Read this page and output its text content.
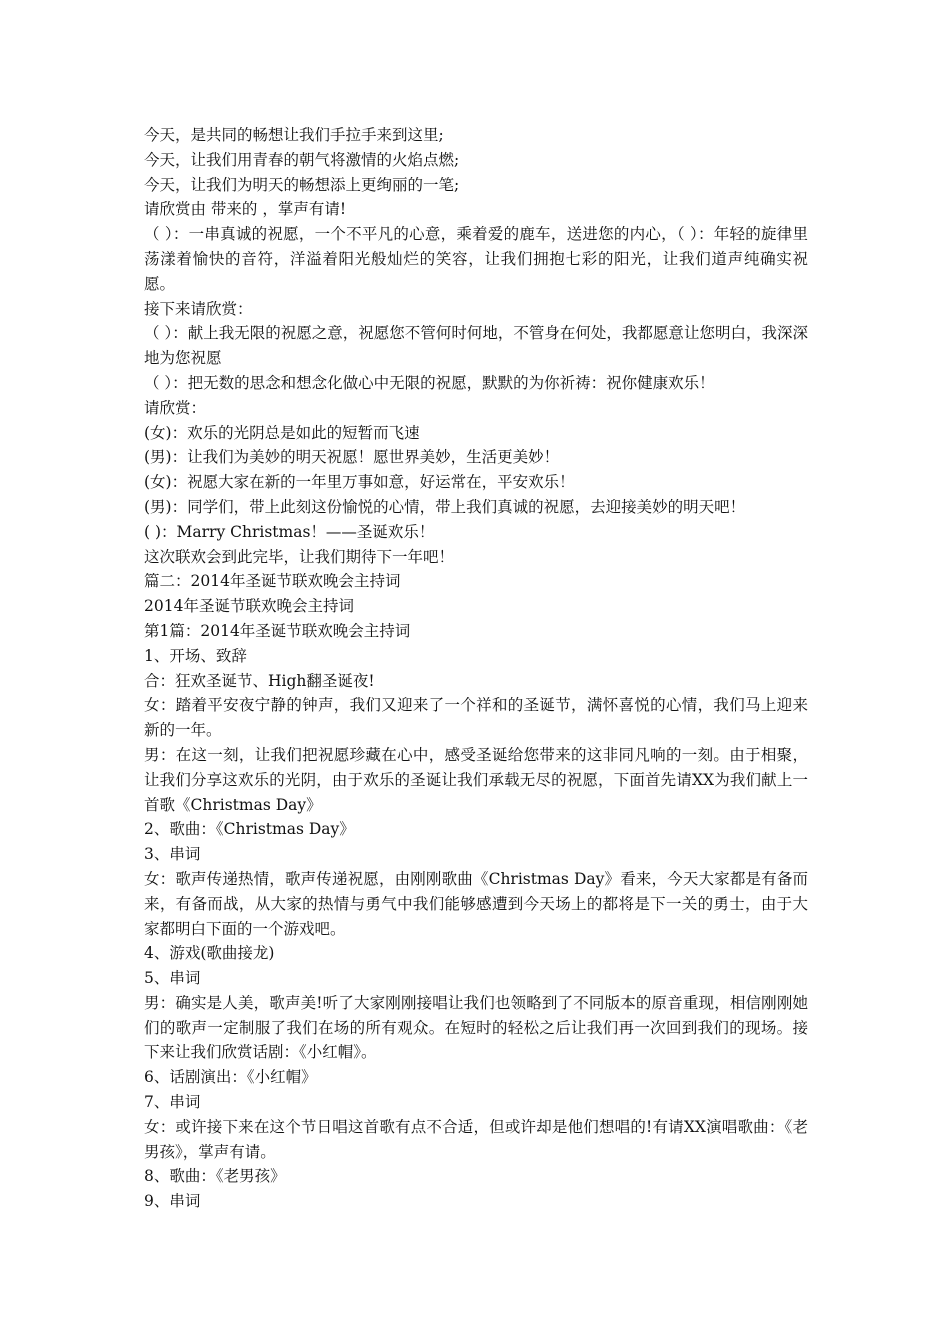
今天，是共同的畅想让我们手拉手来到这里;
今天，让我们用青春的朝气将激情的火焰点燃;
今天，让我们为明天的畅想添上更绚丽的一笔;
请欣赏由 带来的 ，掌声有请!
（ ）：一串真诚的祝愿，一个不平凡的心意，乘着爱的鹿车，送进您的内心，（ ）：年轻的旋律里荡漾着愉快的音符，洋溢着阳光般灿烂的笑容，让我们拥抱七彩的阳光，让我们道声纯确实祝愿。
接下来请欣赏：
（ ）：献上我无限的祝愿之意，祝愿您不管何时何地，不管身在何处，我都愿意让您明白，我深深地为您祝愿
（ ）：把无数的思念和想念化做心中无限的祝愿，默默的为你祈祷：祝你健康欢乐！
请欣赏：
(女)：欢乐的光阴总是如此的短暂而飞速
(男)：让我们为美妙的明天祝愿！愿世界美妙，生活更美妙！
(女)：祝愿大家在新的一年里万事如意，好运常在，平安欢乐！
(男)：同学们，带上此刻这份愉悦的心情，带上我们真诚的祝愿，去迎接美妙的明天吧！
( )：Marry Christmas！——圣诞欢乐！
这次联欢会到此完毕，让我们期待下一年吧！
篇二：2014年圣诞节联欢晚会主持词
2014年圣诞节联欢晚会主持词
第1篇：2014年圣诞节联欢晚会主持词
1、开场、致辞
合：狂欢圣诞节、High翻圣诞夜!
女：踏着平安夜宁静的钟声，我们又迎来了一个祥和的圣诞节，满怀喜悦的心情，我们马上迎来新的一年。
男：在这一刻，让我们把祝愿珍藏在心中，感受圣诞给您带来的这非同凡响的一刻。由于相聚，让我们分享这欢乐的光阴，由于欢乐的圣诞让我们承载无尽的祝愿，下面首先请XX为我们献上一首歌《Christmas Day》
2、歌曲：《Christmas Day》
3、串词
女：歌声传递热情，歌声传递祝愿，由刚刚歌曲《Christmas Day》看来，今天大家都是有备而来，有备而战，从大家的热情与勇气中我们能够感遭到今天场上的都将是下一关的勇士，由于大家都明白下面的一个游戏吧。
4、游戏(歌曲接龙)
5、串词
男：确实是人美，歌声美!听了大家刚刚接唱让我们也领略到了不同版本的原音重现，相信刚刚她们的歌声一定制服了我们在场的所有观众。在短时的轻松之后让我们再一次回到我们的现场。接下来让我们欣赏话剧：《小红帽》。
6、话剧演出：《小红帽》
7、串词
女：或许接下来在这个节日唱这首歌有点不合适，但或许却是他们想唱的!有请XX演唱歌曲：《老男孩》，掌声有请。
8、歌曲：《老男孩》
9、串词
